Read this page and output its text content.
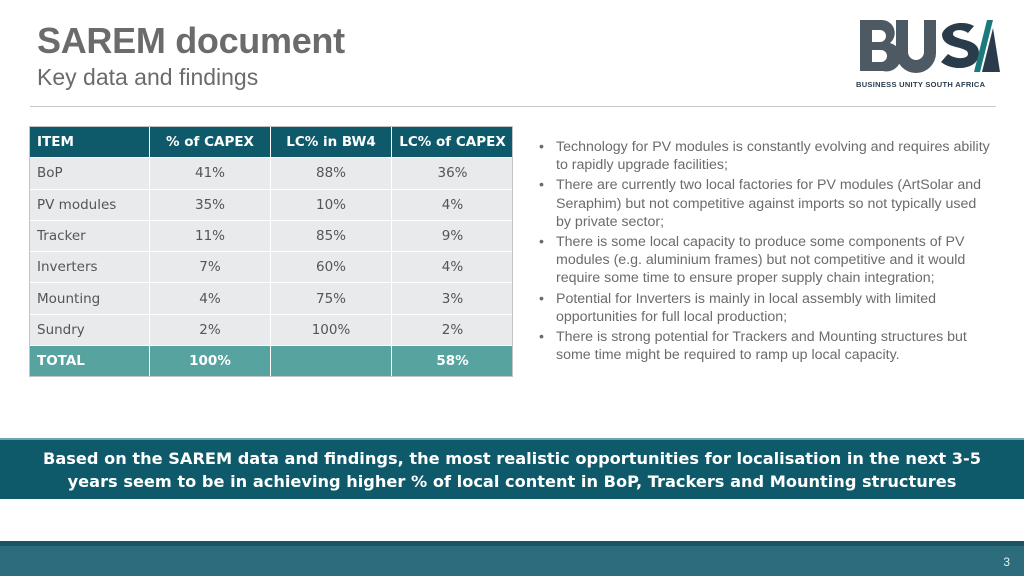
SAREM document
Key data and findings	BUSINESS UNITY SOUTH AFRICA
ITEM	% of CAPEX	LC% in BW4	LC% of CAPEX
BoP	41%	88%	36%
PV modules	35%	10%	4%
Tracker	11%	85%	9%
Inverters	7%	60%	4%
Mounting	4%	75%	3%
Sundry	2%	100%	2%
TOTAL	100%		58%
• Technology for PV modules is constantly evolving and requires ability to rapidly upgrade facilities;
• There are currently two local factories for PV modules (ArtSolar and Seraphim) but not competitive against imports so not typically used by private sector;
• There is some local capacity to produce some components of PV modules (e.g. aluminium frames) but not competitive and it would require some time to ensure proper supply chain integration;
• Potential for Inverters is mainly in local assembly with limited opportunities for full local production;
• There is strong potential for Trackers and Mounting structures but some time might be required to ramp up local capacity.
Based on the SAREM data and findings, the most realistic opportunities for localisation in the next 3-5 years seem to be in achieving higher % of local content in BoP, Trackers and Mounting structures
3
